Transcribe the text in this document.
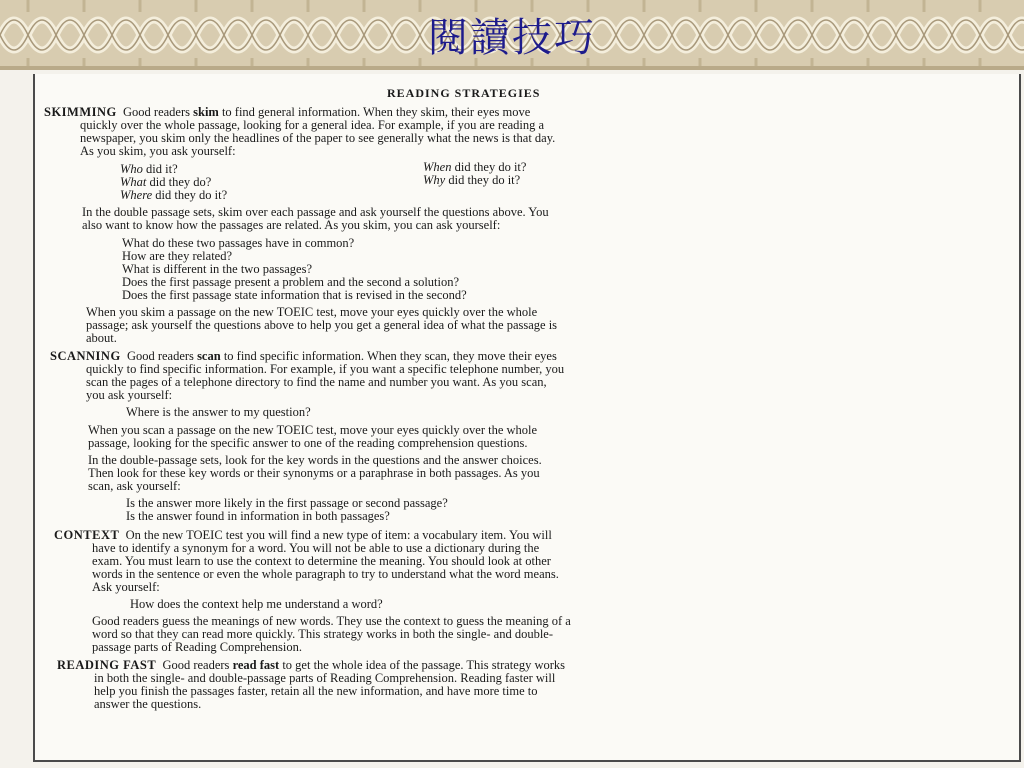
閱讀技巧
READING STRATEGIES
SKIMMING Good readers skim to find general information. When they skim, their eyes move
quickly over the whole passage, looking for a general idea. For example, if you are reading a
newspaper, you skim only the headlines of the paper to see generally what the news is that day.
As you skim, you ask yourself:
Who did it?	When did they do it?
What did they do?	Why did they do it?
Where did they do it?
In the double passage sets, skim over each passage and ask yourself the questions above. You
also want to know how the passages are related. As you skim, you can ask yourself:
What do these two passages have in common?
How are they related?
What is different in the two passages?
Does the first passage present a problem and the second a solution?
Does the first passage state information that is revised in the second?
When you skim a passage on the new TOEIC test, move your eyes quickly over the whole
passage; ask yourself the questions above to help you get a general idea of what the passage is
about.
SCANNING Good readers scan to find specific information. When they scan, they move their eyes
quickly to find specific information. For example, if you want a specific telephone number, you
scan the pages of a telephone directory to find the name and number you want. As you scan,
you ask yourself:
Where is the answer to my question?
When you scan a passage on the new TOEIC test, move your eyes quickly over the whole
passage, looking for the specific answer to one of the reading comprehension questions.
In the double-passage sets, look for the key words in the questions and the answer choices.
Then look for these key words or their synonyms or a paraphrase in both passages. As you
scan, ask yourself:
Is the answer more likely in the first passage or second passage?
Is the answer found in information in both passages?
CONTEXT On the new TOEIC test you will find a new type of item: a vocabulary item. You will
have to identify a synonym for a word. You will not be able to use a dictionary during the
exam. You must learn to use the context to determine the meaning. You should look at other
words in the sentence or even the whole paragraph to try to understand what the word means.
Ask yourself:
How does the context help me understand a word?
Good readers guess the meanings of new words. They use the context to guess the meaning of a
word so that they can read more quickly. This strategy works in both the single- and double-
passage parts of Reading Comprehension.
READING FAST Good readers read fast to get the whole idea of the passage. This strategy works
in both the single- and double-passage parts of Reading Comprehension. Reading faster will
help you finish the passages faster, retain all the new information, and have more time to
answer the questions.
